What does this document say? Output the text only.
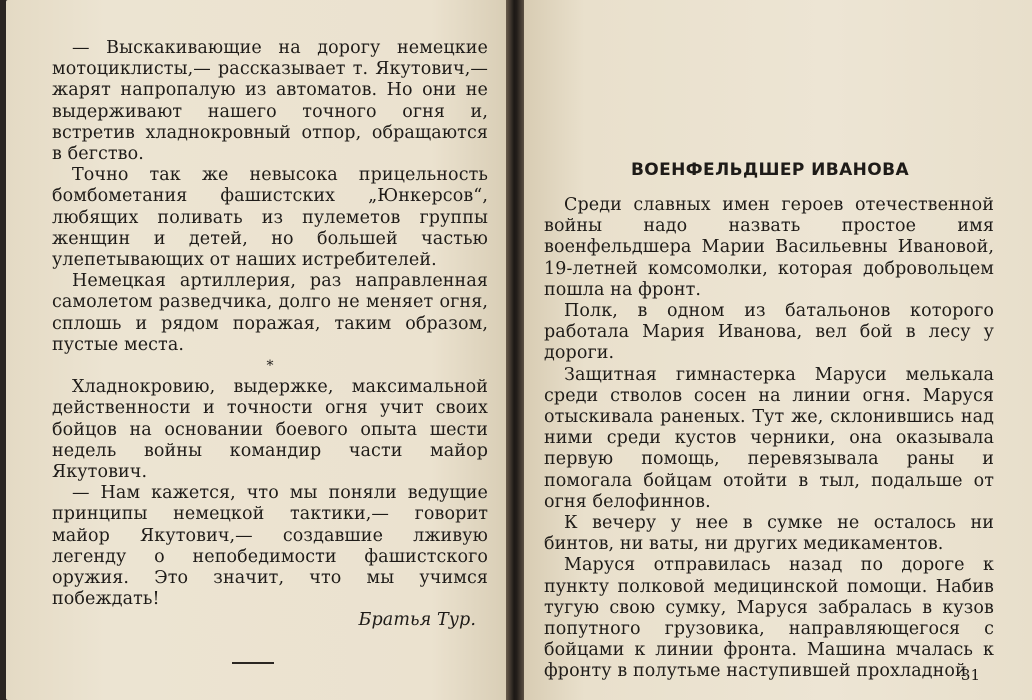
— Выскакивающие на дорогу немецкие мотоциклисты,— рассказывает т. Якутович,— жарят напропалую из автоматов. Но они не выдерживают нашего точного огня и, встретив хладнокровный отпор, обращаются в бегство.

Точно так же невысока прицельность бомбометания фашистских „Юнкерсов“, любящих поливать из пулеметов группы женщин и детей, но большей частью улепетывающих от наших истребителей.

Немецкая артиллерия, раз направленная самолетом разведчика, долго не меняет огня, сплошь и рядом поражая, таким образом, пустые места.

*

Хладнокровию, выдержке, максимальной действенности и точности огня учит своих бойцов на основании боевого опыта шести недель войны командир части майор Якутович.

— Нам кажется, что мы поняли ведущие принципы немецкой тактики,— говорит майор Якутович,— создавшие лживую легенду о непобедимости фашистского оружия. Это значит, что мы учимся побеждать!

Братья Тур.

ВОЕНФЕЛЬДШЕР ИВАНОВА

Среди славных имен героев отечественной войны надо назвать простое имя военфельдшера Марии Васильевны Ивановой, 19-летней комсомолки, которая добровольцем пошла на фронт.

Полк, в одном из батальонов которого работала Мария Иванова, вел бой в лесу у дороги.

Защитная гимнастерка Маруси мелькала среди стволов сосен на линии огня. Маруся отыскивала раненых. Тут же, склонившись над ними среди кустов черники, она оказывала первую помощь, перевязывала раны и помогала бойцам отойти в тыл, подальше от огня белофиннов.

К вечеру у нее в сумке не осталось ни бинтов, ни ваты, ни других медикаментов.

Маруся отправилась назад по дороге к пункту полковой медицинской помощи. Набив тугую свою сумку, Маруся забралась в кузов попутного грузовика, направляющегося с бойцами к линии фронта. Машина мчалась к фронту в полутьме наступившей прохладной

31
